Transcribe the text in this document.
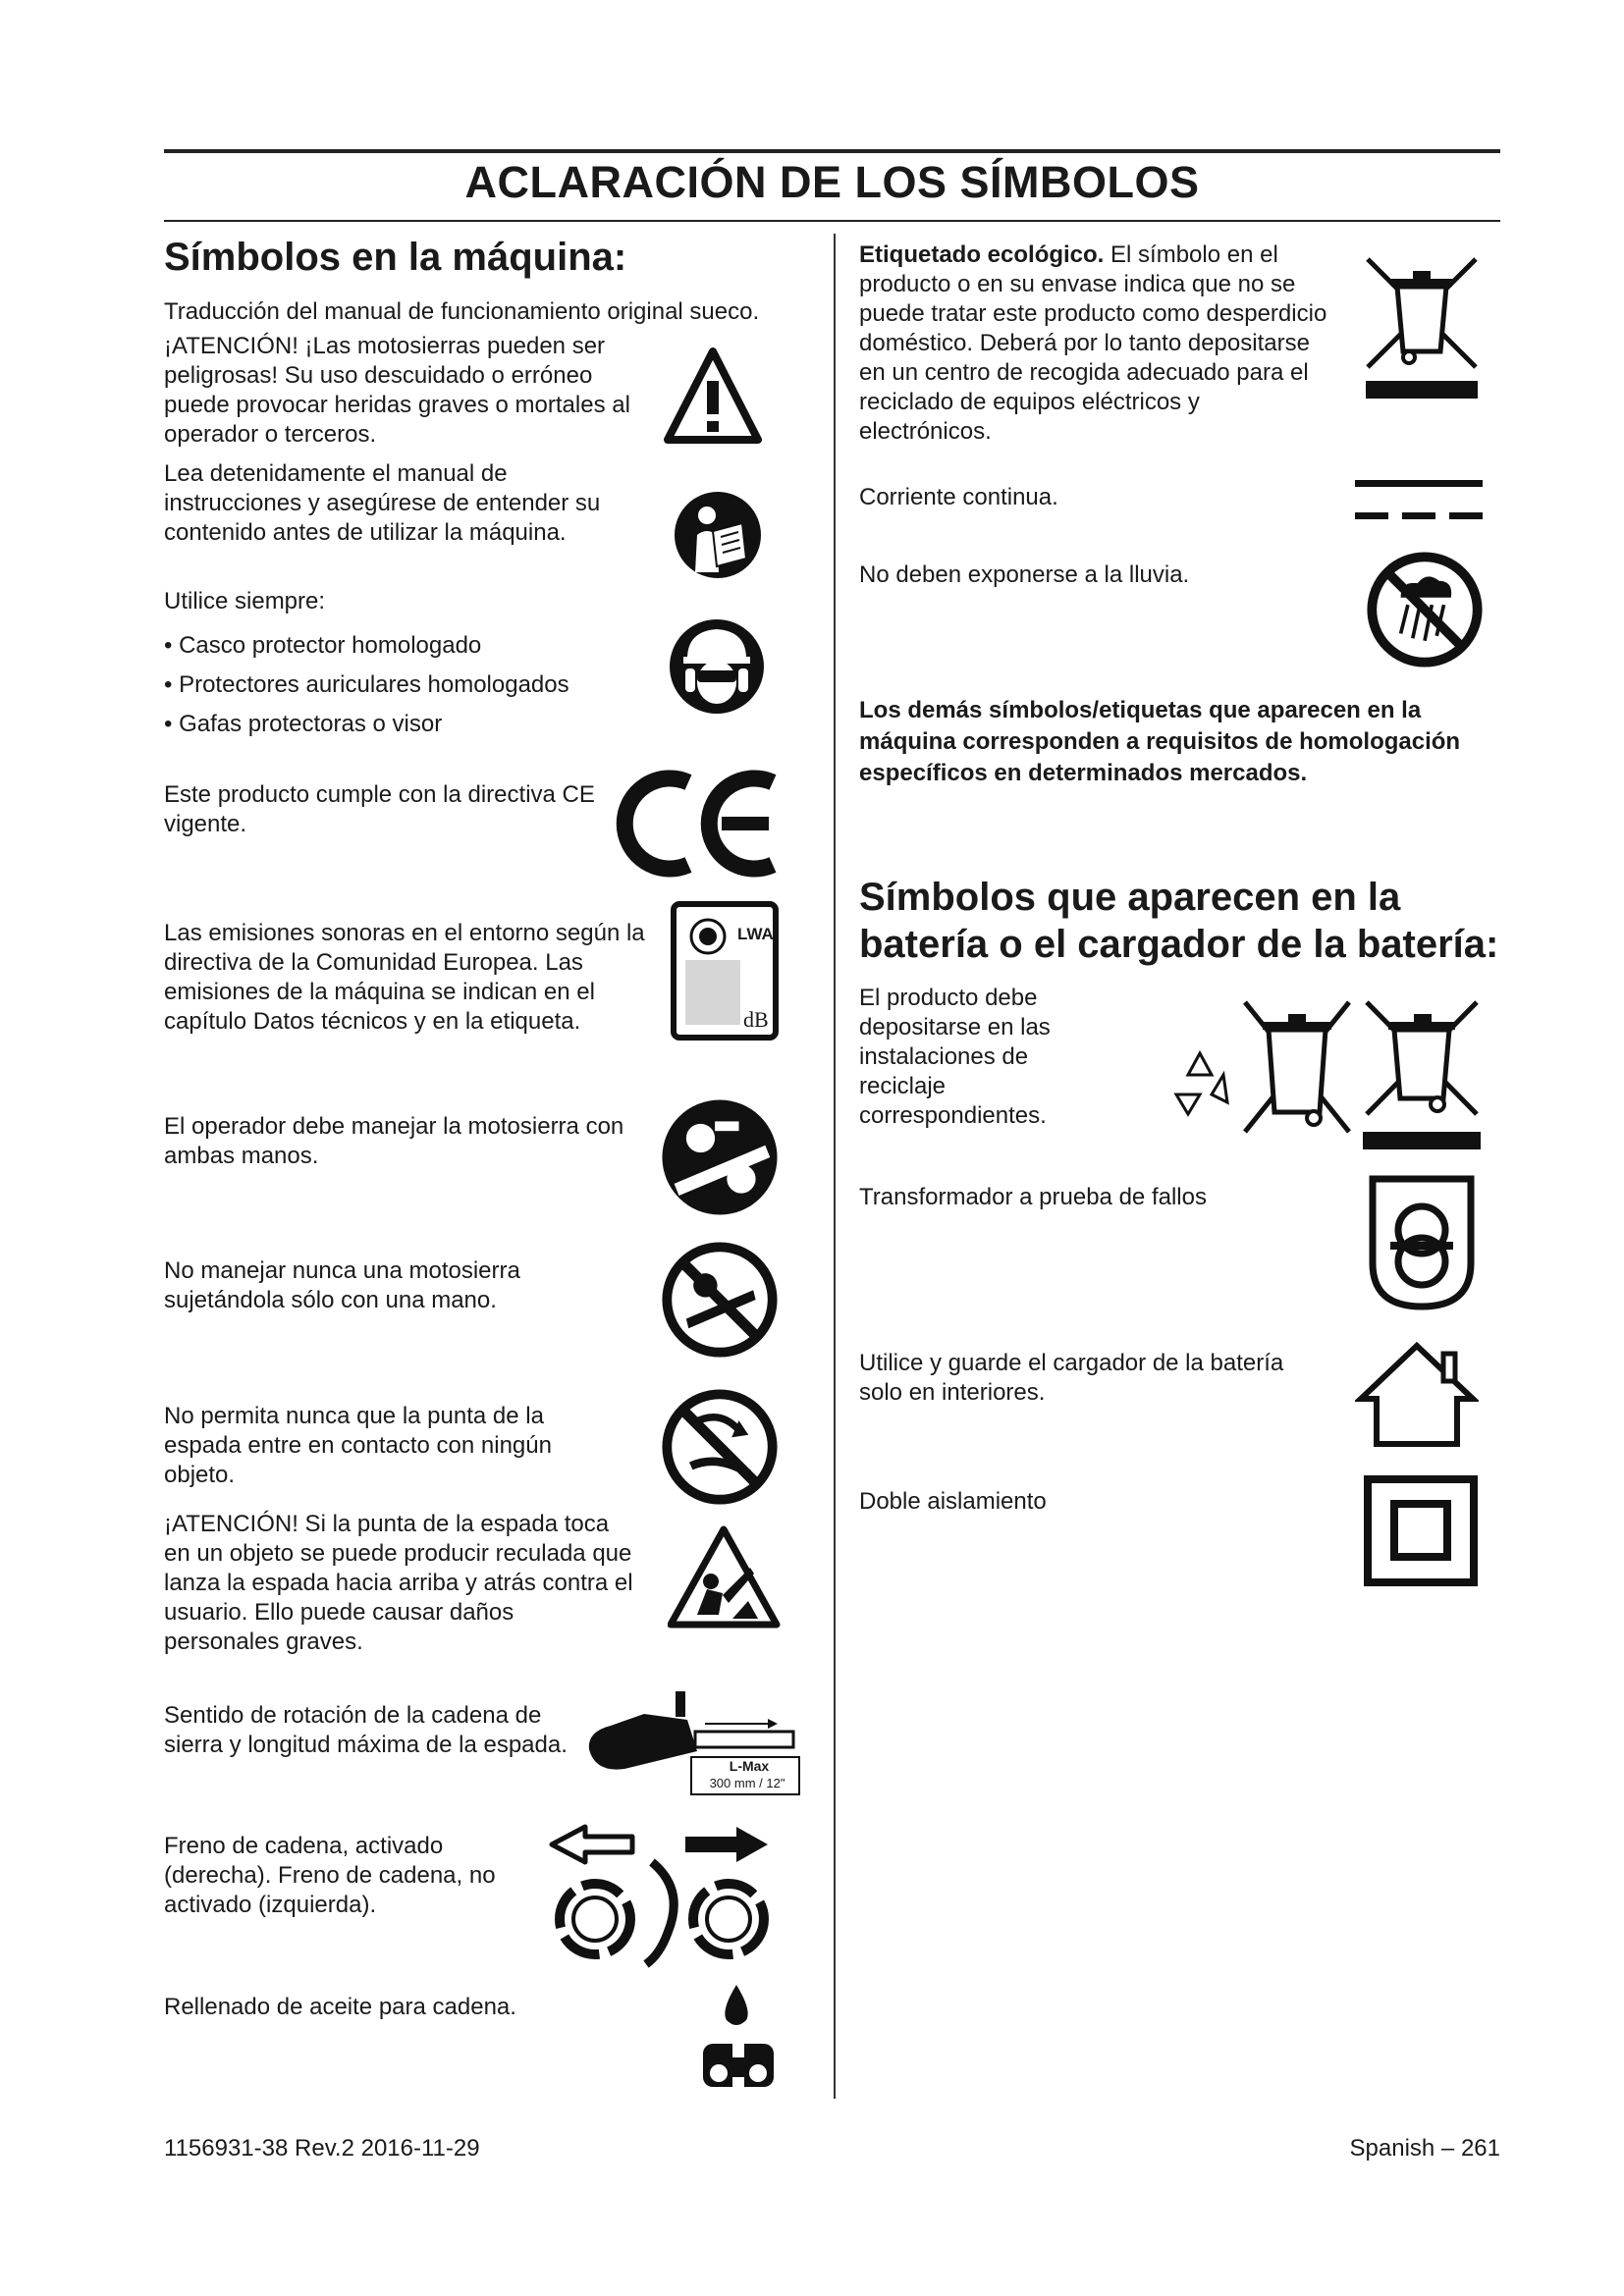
ACLARACIÓN DE LOS SÍMBOLOS
Símbolos en la máquina:

Traducción del manual de funcionamiento original sueco.

¡ATENCIÓN! ¡Las motosierras pueden ser peligrosas! Su uso descuidado o erróneo puede provocar heridas graves o mortales al operador o terceros.

Lea detenidamente el manual de instrucciones y asegúrese de entender su contenido antes de utilizar la máquina.

Utilice siempre:

• Casco protector homologado
• Protectores auriculares homologados
• Gafas protectoras o visor

Este producto cumple con la directiva CE vigente.

Las emisiones sonoras en el entorno según la directiva de la Comunidad Europea. Las emisiones de la máquina se indican en el capítulo Datos técnicos y en la etiqueta.

LWA
dB

El operador debe manejar la motosierra con ambas manos.

No manejar nunca una motosierra sujetándola sólo con una mano.

No permita nunca que la punta de la espada entre en contacto con ningún objeto.

¡ATENCIÓN! Si la punta de la espada toca en un objeto se puede producir reculada que lanza la espada hacia arriba y atrás contra el usuario. Ello puede causar daños personales graves.

Sentido de rotación de la cadena de sierra y longitud máxima de la espada.

L-Max
300 mm / 12"

Freno de cadena, activado (derecha). Freno de cadena, no activado (izquierda).

Rellenado de aceite para cadena.

Etiquetado ecológico. El símbolo en el producto o en su envase indica que no se puede tratar este producto como desperdicio doméstico. Deberá por lo tanto depositarse en un centro de recogida adecuado para el reciclado de equipos eléctricos y electrónicos.

Corriente continua.

No deben exponerse a la lluvia.

Los demás símbolos/etiquetas que aparecen en la máquina corresponden a requisitos de homologación específicos en determinados mercados.

Símbolos que aparecen en la batería o el cargador de la batería:

El producto debe depositarse en las instalaciones de reciclaje correspondientes.

Transformador a prueba de fallos

Utilice y guarde el cargador de la batería solo en interiores.

Doble aislamiento

1156931-38 Rev.2 2016-11-29	Spanish – 261
